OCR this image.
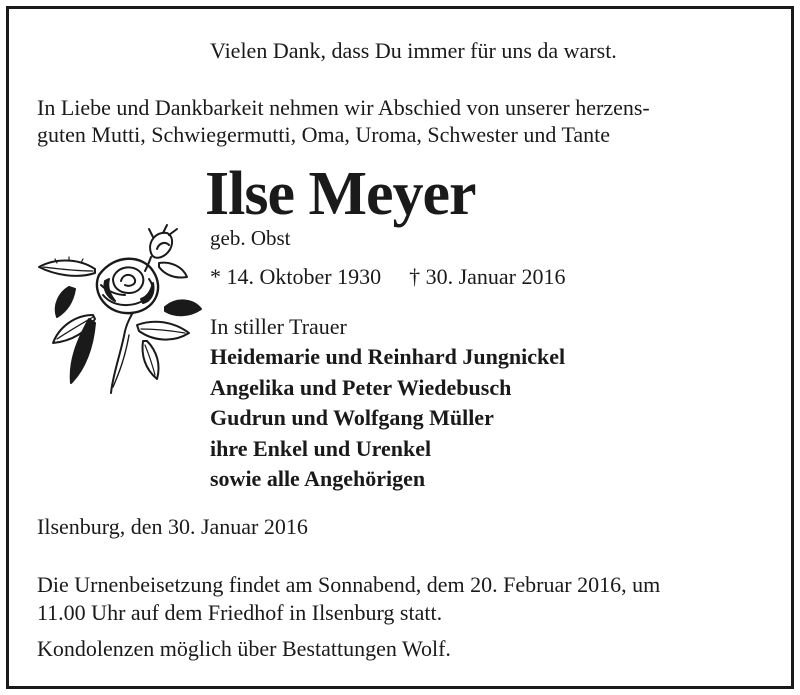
Vielen Dank, dass Du immer für uns da warst.

In Liebe und Dankbarkeit nehmen wir Abschied von unserer herzens-

guten Mutti, Schwiegermutti, Oma, Uroma, Schwester und Tante

Ilse Meyer

geb. Obst

* 14. Oktober 1930 † 30. Januar 2016

In stiller Trauer

Heidemarie und Reinhard Jungnickel
Angelika und Peter Wiedebusch
Gudrun und Wolfgang Müller
ihre Enkel und Urenkel
sowie alle Angehörigen

Ilsenburg, den 30. Januar 2016

Die Urnenbeisetzung findet am Sonnabend, dem 20. Februar 2016, um

11.00 Uhr auf dem Friedhof in Ilsenburg statt.

Kondolenzen möglich über Bestattungen Wolf.
